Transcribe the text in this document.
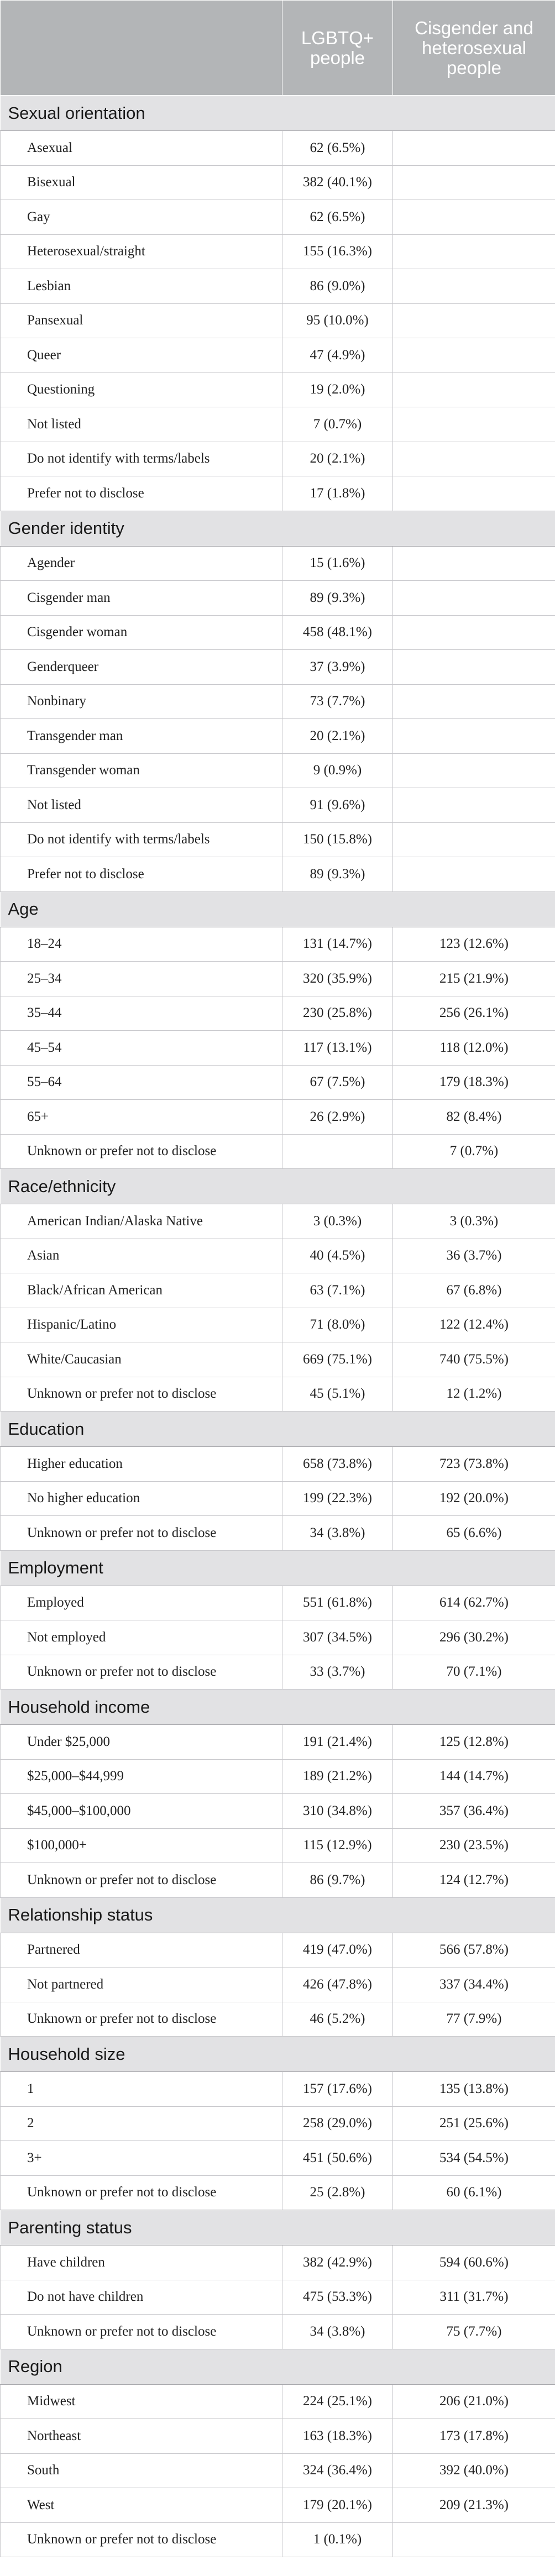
	LGBTQ+ people	Cisgender and heterosexual people
Sexual orientation		
Asexual	62 (6.5%)	
Bisexual	382 (40.1%)	
Gay	62 (6.5%)	
Heterosexual/straight	155 (16.3%)	
Lesbian	86 (9.0%)	
Pansexual	95 (10.0%)	
Queer	47 (4.9%)	
Questioning	19 (2.0%)	
Not listed	7 (0.7%)	
Do not identify with terms/labels	20 (2.1%)	
Prefer not to disclose	17 (1.8%)	
Gender identity		
Agender	15 (1.6%)	
Cisgender man	89 (9.3%)	
Cisgender woman	458 (48.1%)	
Genderqueer	37 (3.9%)	
Nonbinary	73 (7.7%)	
Transgender man	20 (2.1%)	
Transgender woman	9 (0.9%)	
Not listed	91 (9.6%)	
Do not identify with terms/labels	150 (15.8%)	
Prefer not to disclose	89 (9.3%)	
Age		
18–24	131 (14.7%)	123 (12.6%)
25–34	320 (35.9%)	215 (21.9%)
35–44	230 (25.8%)	256 (26.1%)
45–54	117 (13.1%)	118 (12.0%)
55–64	67 (7.5%)	179 (18.3%)
65+	26 (2.9%)	82 (8.4%)
Unknown or prefer not to disclose		7 (0.7%)
Race/ethnicity		
American Indian/Alaska Native	3 (0.3%)	3 (0.3%)
Asian	40 (4.5%)	36 (3.7%)
Black/African American	63 (7.1%)	67 (6.8%)
Hispanic/Latino	71 (8.0%)	122 (12.4%)
White/Caucasian	669 (75.1%)	740 (75.5%)
Unknown or prefer not to disclose	45 (5.1%)	12 (1.2%)
Education		
Higher education	658 (73.8%)	723 (73.8%)
No higher education	199 (22.3%)	192 (20.0%)
Unknown or prefer not to disclose	34 (3.8%)	65 (6.6%)
Employment		
Employed	551 (61.8%)	614 (62.7%)
Not employed	307 (34.5%)	296 (30.2%)
Unknown or prefer not to disclose	33 (3.7%)	70 (7.1%)
Household income		
Under $25,000	191 (21.4%)	125 (12.8%)
$25,000–$44,999	189 (21.2%)	144 (14.7%)
$45,000–$100,000	310 (34.8%)	357 (36.4%)
$100,000+	115 (12.9%)	230 (23.5%)
Unknown or prefer not to disclose	86 (9.7%)	124 (12.7%)
Relationship status		
Partnered	419 (47.0%)	566 (57.8%)
Not partnered	426 (47.8%)	337 (34.4%)
Unknown or prefer not to disclose	46 (5.2%)	77 (7.9%)
Household size		
1	157 (17.6%)	135 (13.8%)
2	258 (29.0%)	251 (25.6%)
3+	451 (50.6%)	534 (54.5%)
Unknown or prefer not to disclose	25 (2.8%)	60 (6.1%)
Parenting status		
Have children	382 (42.9%)	594 (60.6%)
Do not have children	475 (53.3%)	311 (31.7%)
Unknown or prefer not to disclose	34 (3.8%)	75 (7.7%)
Region		
Midwest	224 (25.1%)	206 (21.0%)
Northeast	163 (18.3%)	173 (17.8%)
South	324 (36.4%)	392 (40.0%)
West	179 (20.1%)	209 (21.3%)
Unknown or prefer not to disclose	1 (0.1%)	
